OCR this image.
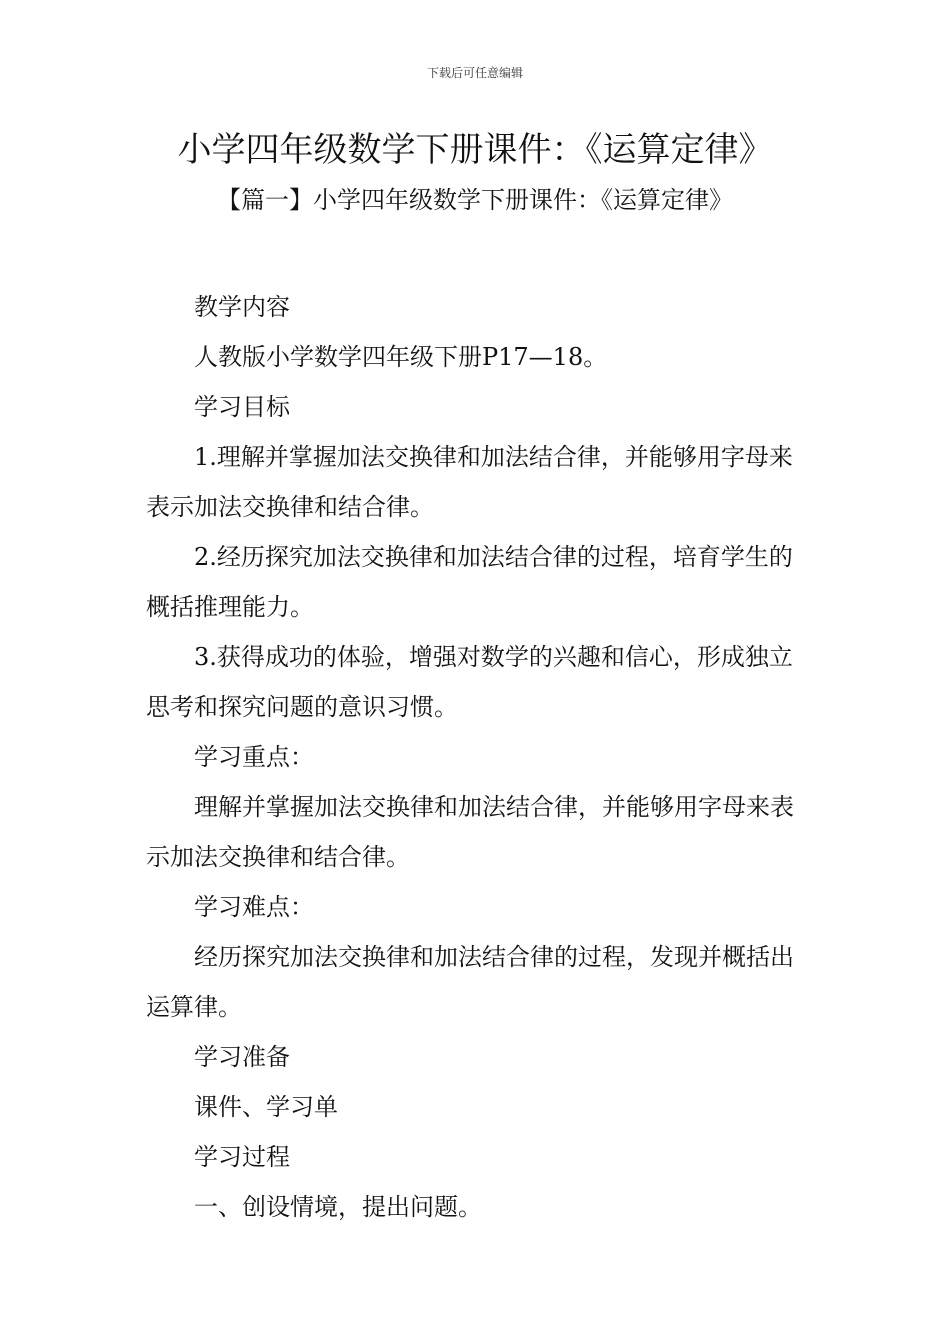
下载后可任意编辑
小学四年级数学下册课件：《运算定律》
【篇一】小学四年级数学下册课件：《运算定律》

教学内容

人教版小学数学四年级下册P17—18。

学习目标

1.理解并掌握加法交换律和加法结合律，并能够用字母来表示加法交换律和结合律。

2.经历探究加法交换律和加法结合律的过程，培育学生的概括推理能力。

3.获得成功的体验，增强对数学的兴趣和信心，形成独立思考和探究问题的意识习惯。

学习重点：

理解并掌握加法交换律和加法结合律，并能够用字母来表示加法交换律和结合律。

学习难点：

经历探究加法交换律和加法结合律的过程，发现并概括出运算律。

学习准备

课件、学习单

学习过程

一、创设情境，提出问题。
